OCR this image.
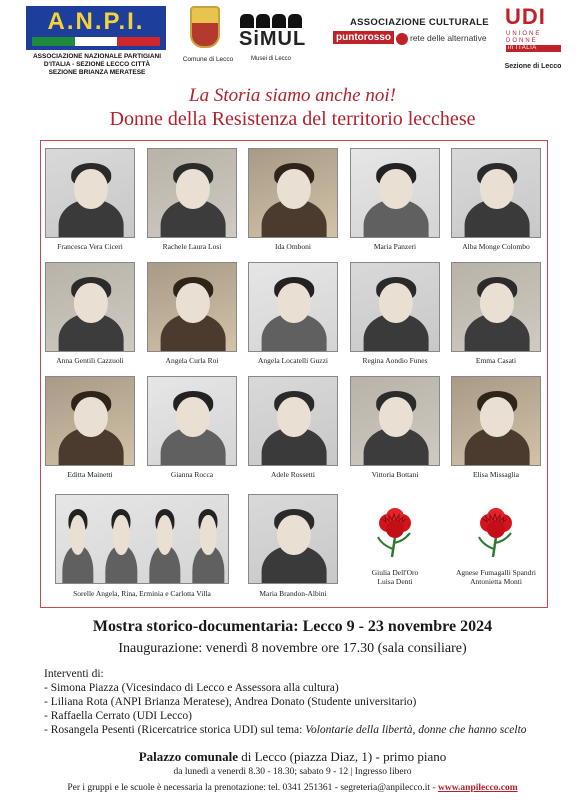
A.N.P.I.
ASSOCIAZIONE NAZIONALE PARTIGIANI
D'ITALIA - SEZIONE LECCO CITTÀ
SEZIONE BRIANZA MERATESE
Comune di Lecco
SiMUL
Musei di Lecco
ASSOCIAZIONE CULTURALE
puntorosso	rete delle alternative
UDI
UNIONE
DONNE
in ITALIA
Sezione di Lecco
La Storia siamo anche noi!
Donne della Resistenza del territorio lecchese
Francesca Vera Ciceri	Rachele Laura Losi	Ida Omboni	Maria Panzeri	Alba Monge Colombo
Anna Gentili Cazzuoli	Angela Curla Roi	Angela Locatelli Guzzi	Regina Aondio Funes	Emma Casati
Editta Mainetti	Gianna Rocca	Adele Rossetti	Vittoria Bottani	Elisa Missaglia
Sorelle Angela, Rina, Erminia e Carlotta Villa	Maria Brandon-Albini
Giulia Dell'Oro
Luisa Denti
Agnese Fumagalli Spandri
Antonietta Monti
Mostra storico-documentaria: Lecco 9 - 23 novembre 2024
Inaugurazione: venerdì 8 novembre ore 17.30 (sala consiliare)
Interventi di:
- Simona Piazza (Vicesindaco di Lecco e Assessora alla cultura)
- Liliana Rota (ANPI Brianza Meratese), Andrea Donato (Studente universitario)
- Raffaella Cerrato (UDI Lecco)
- Rosangela Pesenti (Ricercatrice storica UDI) sul tema: Volontarie della libertà, donne che hanno scelto
Palazzo comunale di Lecco (piazza Diaz, 1) - primo piano
da lunedì a venerdì 8.30 - 18.30; sabato 9 - 12 | Ingresso libero
Per i gruppi e le scuole è necessaria la prenotazione: tel. 0341 251361 - segreteria@anpilecco.it - www.anpilecco.com
